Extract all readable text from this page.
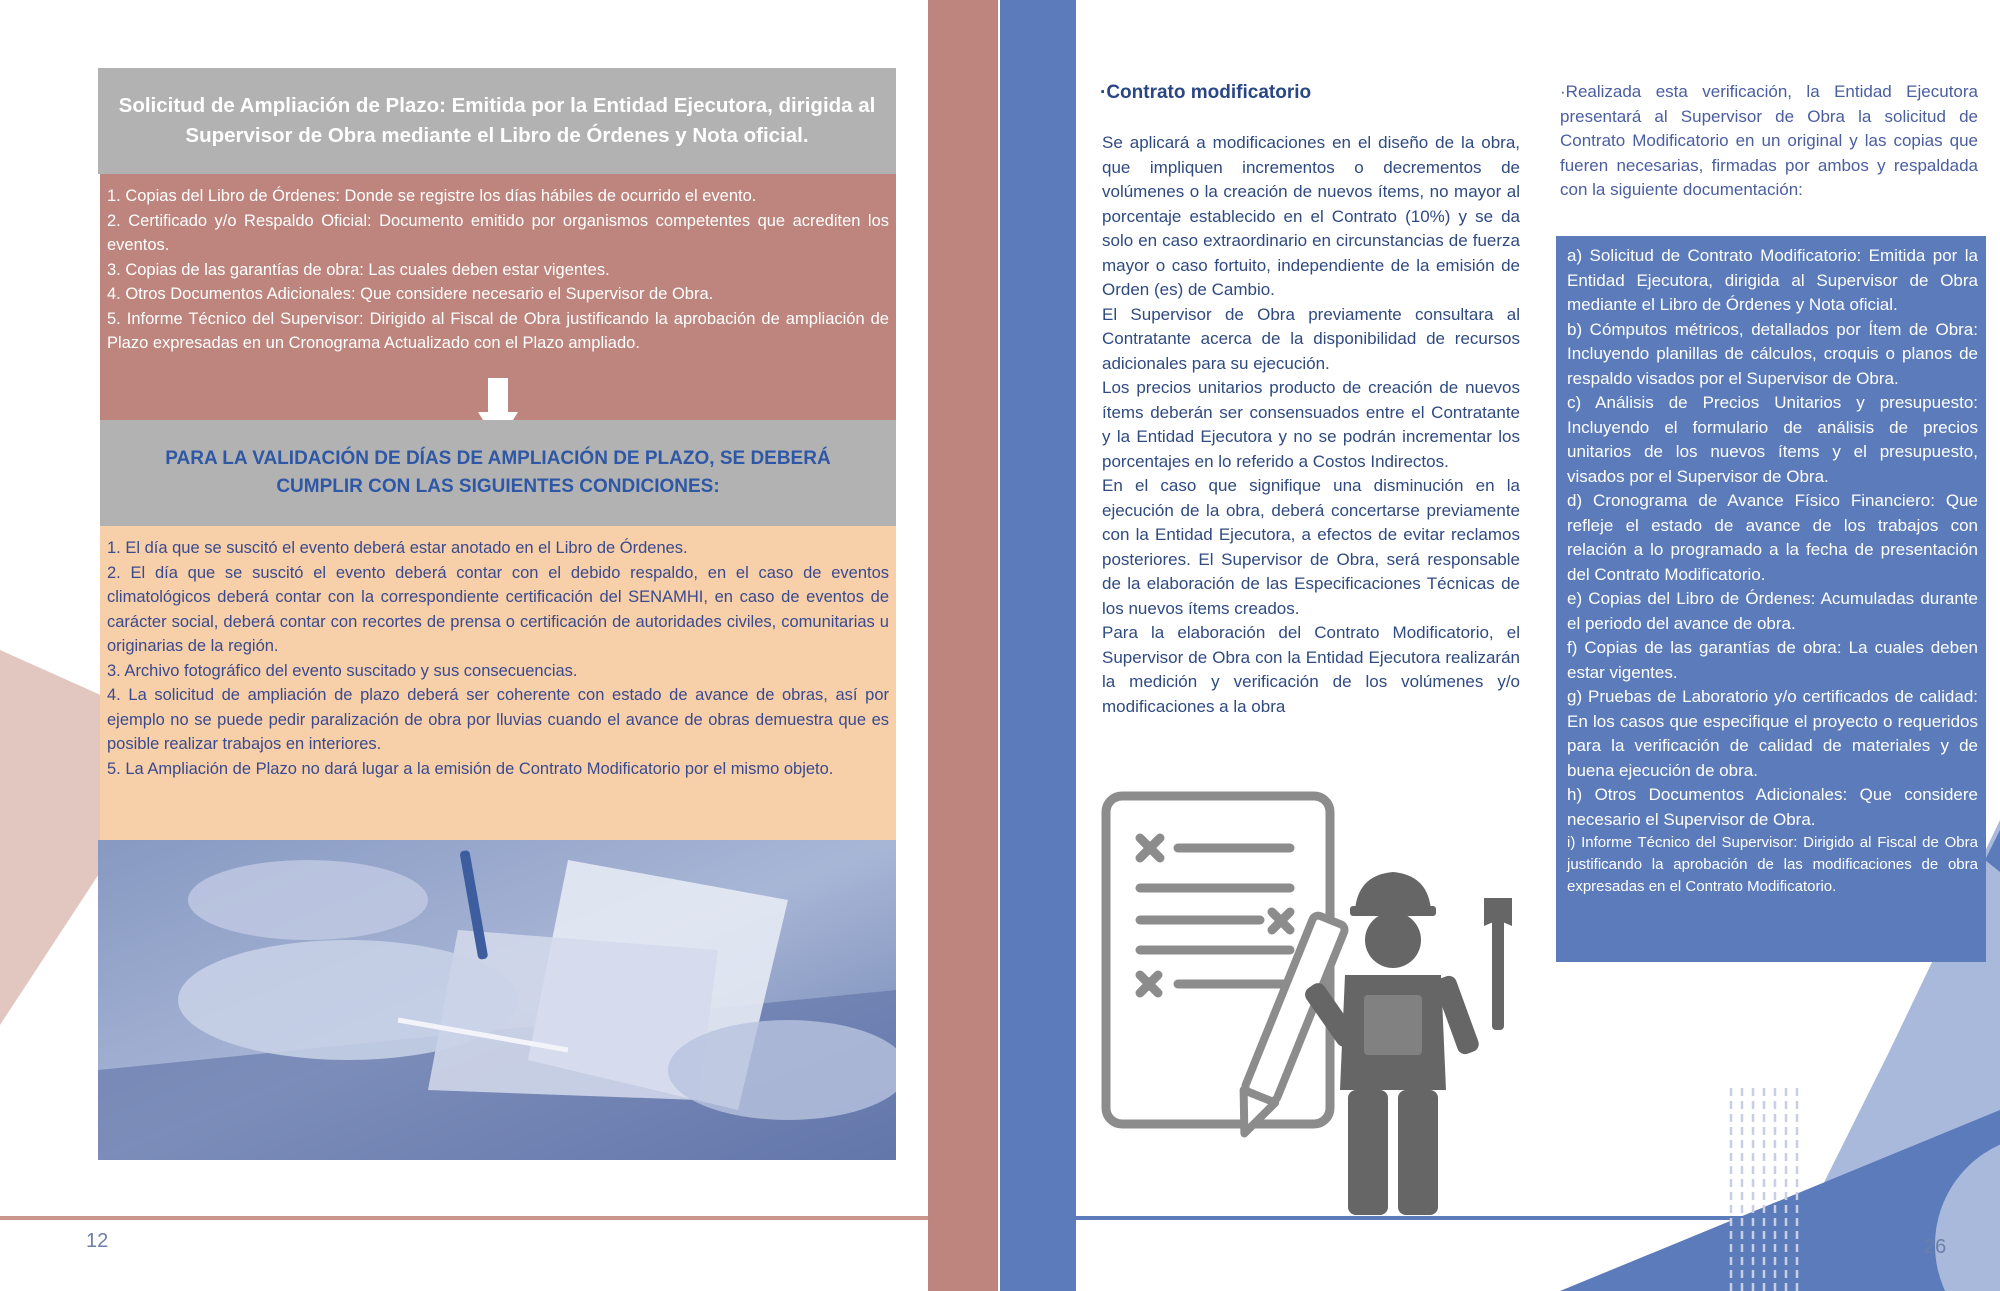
Solicitud de Ampliación de Plazo: Emitida por la Entidad Ejecutora, dirigida al Supervisor de Obra mediante el Libro de Órdenes y Nota oficial.
1. Copias del Libro de Órdenes: Donde se registre los días hábiles de ocurrido el evento.
2. Certificado y/o Respaldo Oficial: Documento emitido por organismos competentes que acrediten los eventos.
3. Copias de las garantías de obra: Las cuales deben estar vigentes.
4. Otros Documentos Adicionales: Que considere necesario el Supervisor de Obra.
5. Informe Técnico del Supervisor: Dirigido al Fiscal de Obra justificando la aprobación de ampliación de Plazo expresadas en un Cronograma Actualizado con el Plazo ampliado.
PARA LA VALIDACIÓN DE DÍAS DE AMPLIACIÓN DE PLAZO, SE DEBERÁ CUMPLIR CON LAS SIGUIENTES CONDICIONES:
1. El día que se suscitó el evento deberá estar anotado en el Libro de Órdenes.
2. El día que se suscitó el evento deberá contar con el debido respaldo, en el caso de eventos climatológicos deberá contar con la correspondiente certificación del SENAMHI, en caso de eventos de carácter social, deberá contar con recortes de prensa o certificación de autoridades civiles, comunitarias u originarias de la región.
3. Archivo fotográfico del evento suscitado y sus consecuencias.
4. La solicitud de ampliación de plazo deberá ser coherente con estado de avance de obras, así por ejemplo no se puede pedir paralización de obra por lluvias cuando el avance de obras demuestra que es posible realizar trabajos en interiores.
5. La Ampliación de Plazo no dará lugar a la emisión de Contrato Modificatorio por el mismo objeto.
12
·Contrato modificatorio

Se aplicará a modificaciones en el diseño de la obra, que impliquen incrementos o decrementos de volúmenes o la creación de nuevos ítems, no mayor al porcentaje establecido en el Contrato (10%) y se da solo en caso extraordinario en circunstancias de fuerza mayor o caso fortuito, independiente de la emisión de Orden (es) de Cambio.

El Supervisor de Obra previamente consultara al Contratante acerca de la disponibilidad de recursos adicionales para su ejecución.

Los precios unitarios producto de creación de nuevos ítems deberán ser consensuados entre el Contratante y la Entidad Ejecutora y no se podrán incrementar los porcentajes en lo referido a Costos Indirectos.

En el caso que signifique una disminución en la ejecución de la obra, deberá concertarse previamente con la Entidad Ejecutora, a efectos de evitar reclamos posteriores. El Supervisor de Obra, será responsable de la elaboración de las Especificaciones Técnicas de los nuevos ítems creados.

Para la elaboración del Contrato Modificatorio, el Supervisor de Obra con la Entidad Ejecutora realizarán la medición y verificación de los volúmenes y/o modificaciones a la obra

·Realizada esta verificación, la Entidad Ejecutora presentará al Supervisor de Obra la solicitud de Contrato Modificatorio en un original y las copias que fueren necesarias, firmadas por ambos y respaldada con la siguiente documentación:

a) Solicitud de Contrato Modificatorio: Emitida por la Entidad Ejecutora, dirigida al Supervisor de Obra mediante el Libro de Órdenes y Nota oficial.

b) Cómputos métricos, detallados por Ítem de Obra: Incluyendo planillas de cálculos, croquis o planos de respaldo visados por el Supervisor de Obra.

c) Análisis de Precios Unitarios y presupuesto: Incluyendo el formulario de análisis de precios unitarios de los nuevos ítems y el presupuesto, visados por el Supervisor de Obra.

d) Cronograma de Avance Físico Financiero: Que refleje el estado de avance de los trabajos con relación a lo programado a la fecha de presentación del Contrato Modificatorio.

e) Copias del Libro de Órdenes: Acumuladas durante el periodo del avance de obra.

f) Copias de las garantías de obra: La cuales deben estar vigentes.

g) Pruebas de Laboratorio y/o certificados de calidad: En los casos que especifique el proyecto o requeridos para la verificación de calidad de materiales y de buena ejecución de obra.

h) Otros Documentos Adicionales: Que considere necesario el Supervisor de Obra.

i) Informe Técnico del Supervisor: Dirigido al Fiscal de Obra justificando la aprobación de las modificaciones de obra expresadas en el Contrato Modificatorio.

26
